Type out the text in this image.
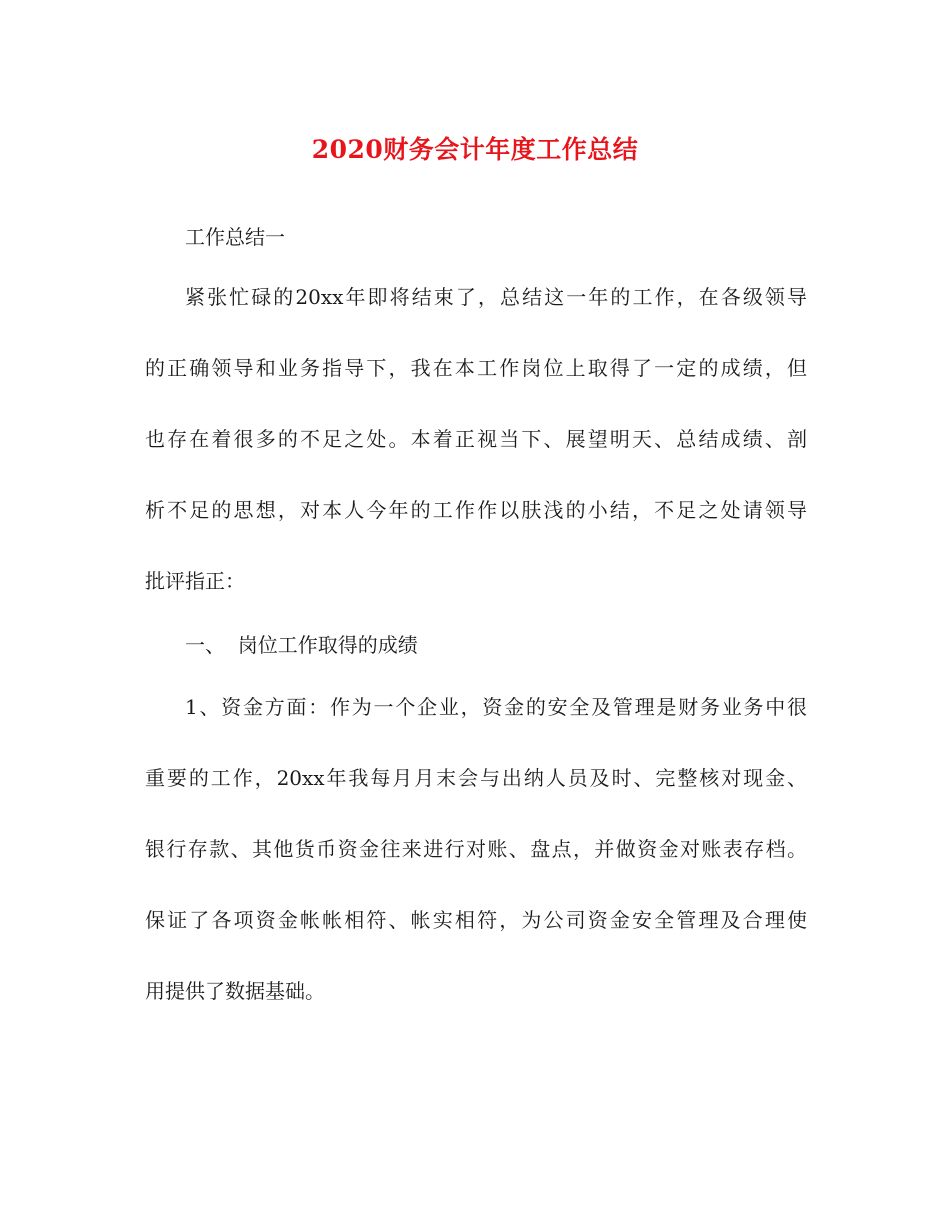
2020财务会计年度工作总结
工作总结一
紧张忙碌的20xx年即将结束了，总结这一年的工作，在各级领导
的正确领导和业务指导下，我在本工作岗位上取得了一定的成绩，但
也存在着很多的不足之处。本着正视当下、展望明天、总结成绩、剖
析不足的思想，对本人今年的工作作以肤浅的小结，不足之处请领导
批评指正：
一、  岗位工作取得的成绩
1、资金方面：作为一个企业，资金的安全及管理是财务业务中很
重要的工作，20xx年我每月月末会与出纳人员及时、完整核对现金、
银行存款、其他货币资金往来进行对账、盘点，并做资金对账表存档。
保证了各项资金帐帐相符、帐实相符，为公司资金安全管理及合理使
用提供了数据基础。
